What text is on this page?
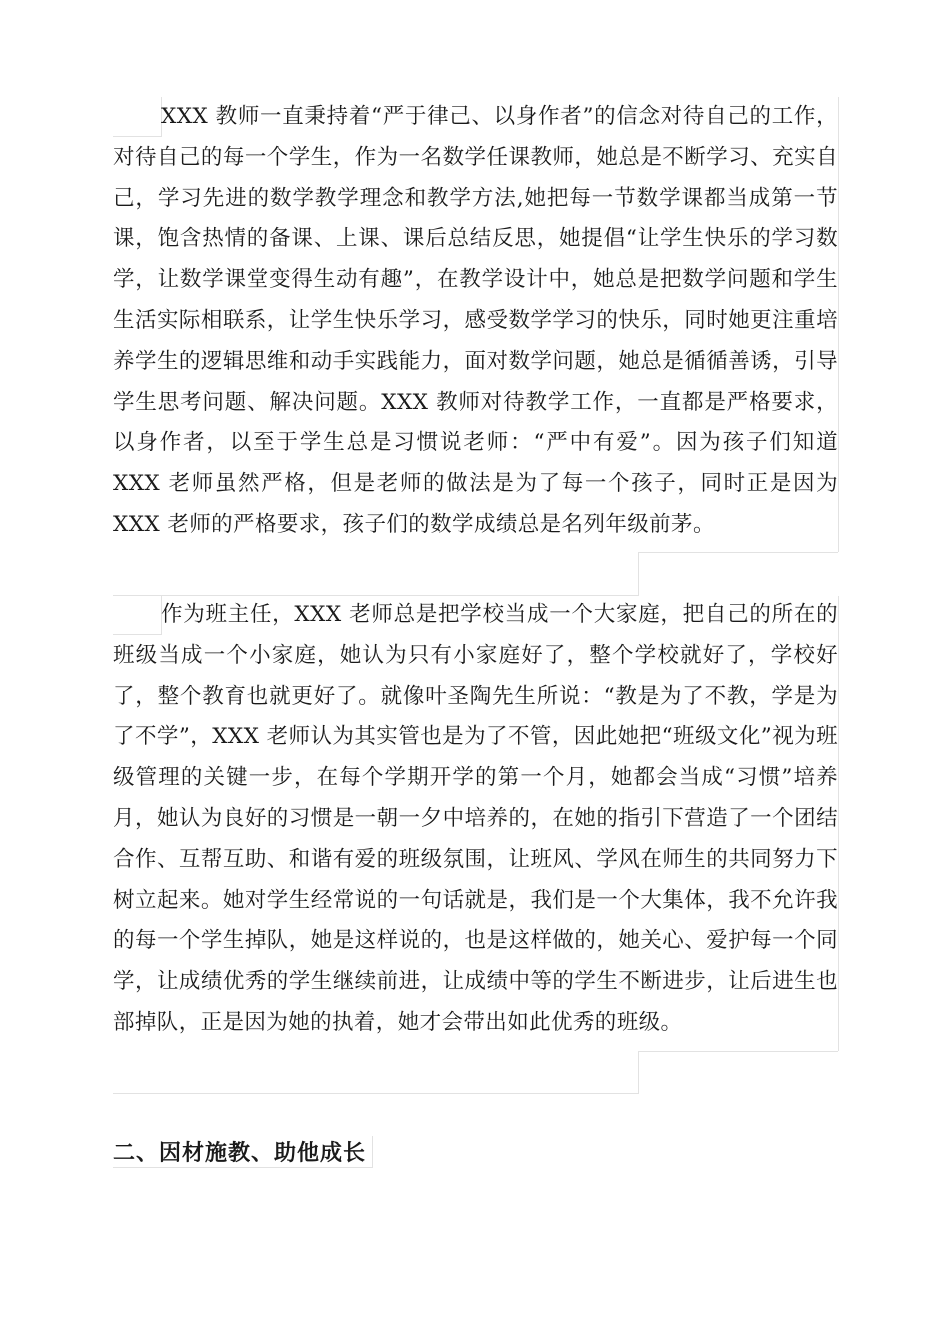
XXX 教师一直秉持着“严于律己、以身作者”的信念对待自己的工作，对待自己的每一个学生，作为一名数学任课教师，她总是不断学习、充实自己，学习先进的数学教学理念和教学方法,她把每一节数学课都当成第一节课，饱含热情的备课、上课、课后总结反思，她提倡“让学生快乐的学习数学，让数学课堂变得生动有趣”，在教学设计中，她总是把数学问题和学生生活实际相联系，让学生快乐学习，感受数学学习的快乐，同时她更注重培养学生的逻辑思维和动手实践能力，面对数学问题，她总是循循善诱，引导学生思考问题、解决问题。XXX 教师对待教学工作，一直都是严格要求，以身作者，以至于学生总是习惯说老师：“严中有爱”。因为孩子们知道 XXX 老师虽然严格，但是老师的做法是为了每一个孩子，同时正是因为 XXX 老师的严格要求，孩子们的数学成绩总是名列年级前茅。

作为班主任，XXX 老师总是把学校当成一个大家庭，把自己的所在的班级当成一个小家庭，她认为只有小家庭好了，整个学校就好了，学校好了，整个教育也就更好了。就像叶圣陶先生所说：“教是为了不教，学是为了不学”，XXX 老师认为其实管也是为了不管，因此她把“班级文化”视为班级管理的关键一步，在每个学期开学的第一个月，她都会当成“习惯”培养月，她认为良好的习惯是一朝一夕中培养的，在她的指引下营造了一个团结合作、互帮互助、和谐有爱的班级氛围，让班风、学风在师生的共同努力下树立起来。她对学生经常说的一句话就是，我们是一个大集体，我不允许我的每一个学生掉队，她是这样说的，也是这样做的，她关心、爱护每一个同学，让成绩优秀的学生继续前进，让成绩中等的学生不断进步，让后进生也部掉队，正是因为她的执着，她才会带出如此优秀的班级。

二、因材施教、助他成长
